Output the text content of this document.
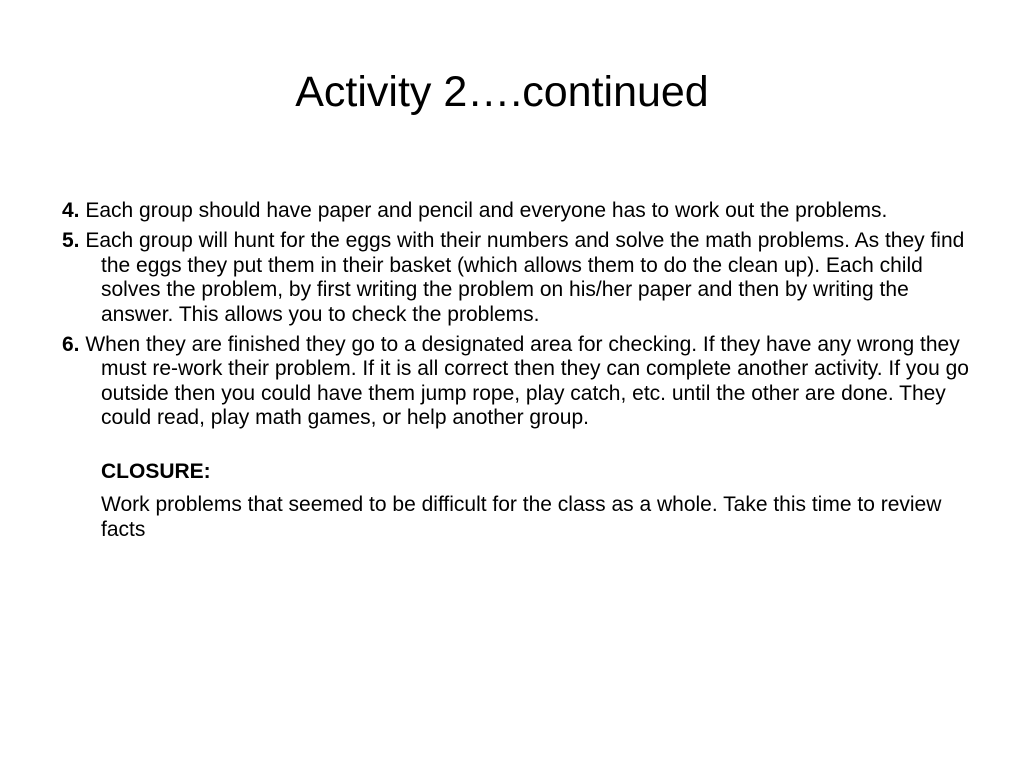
Activity 2….continued

4. Each group should have paper and pencil and everyone has to work out the problems.

5. Each group will hunt for the eggs with their numbers and solve the math problems. As they find the eggs they put them in their basket (which allows them to do the clean up). Each child solves the problem, by first writing the problem on his/her paper and then by writing the answer. This allows you to check the problems.

6. When they are finished they go to a designated area for checking. If they have any wrong they must re-work their problem. If it is all correct then they can complete another activity. If you go outside then you could have them jump rope, play catch, etc. until the other are done. They could read, play math games, or help another group.

CLOSURE:

Work problems that seemed to be difficult for the class as a whole. Take this time to review facts
